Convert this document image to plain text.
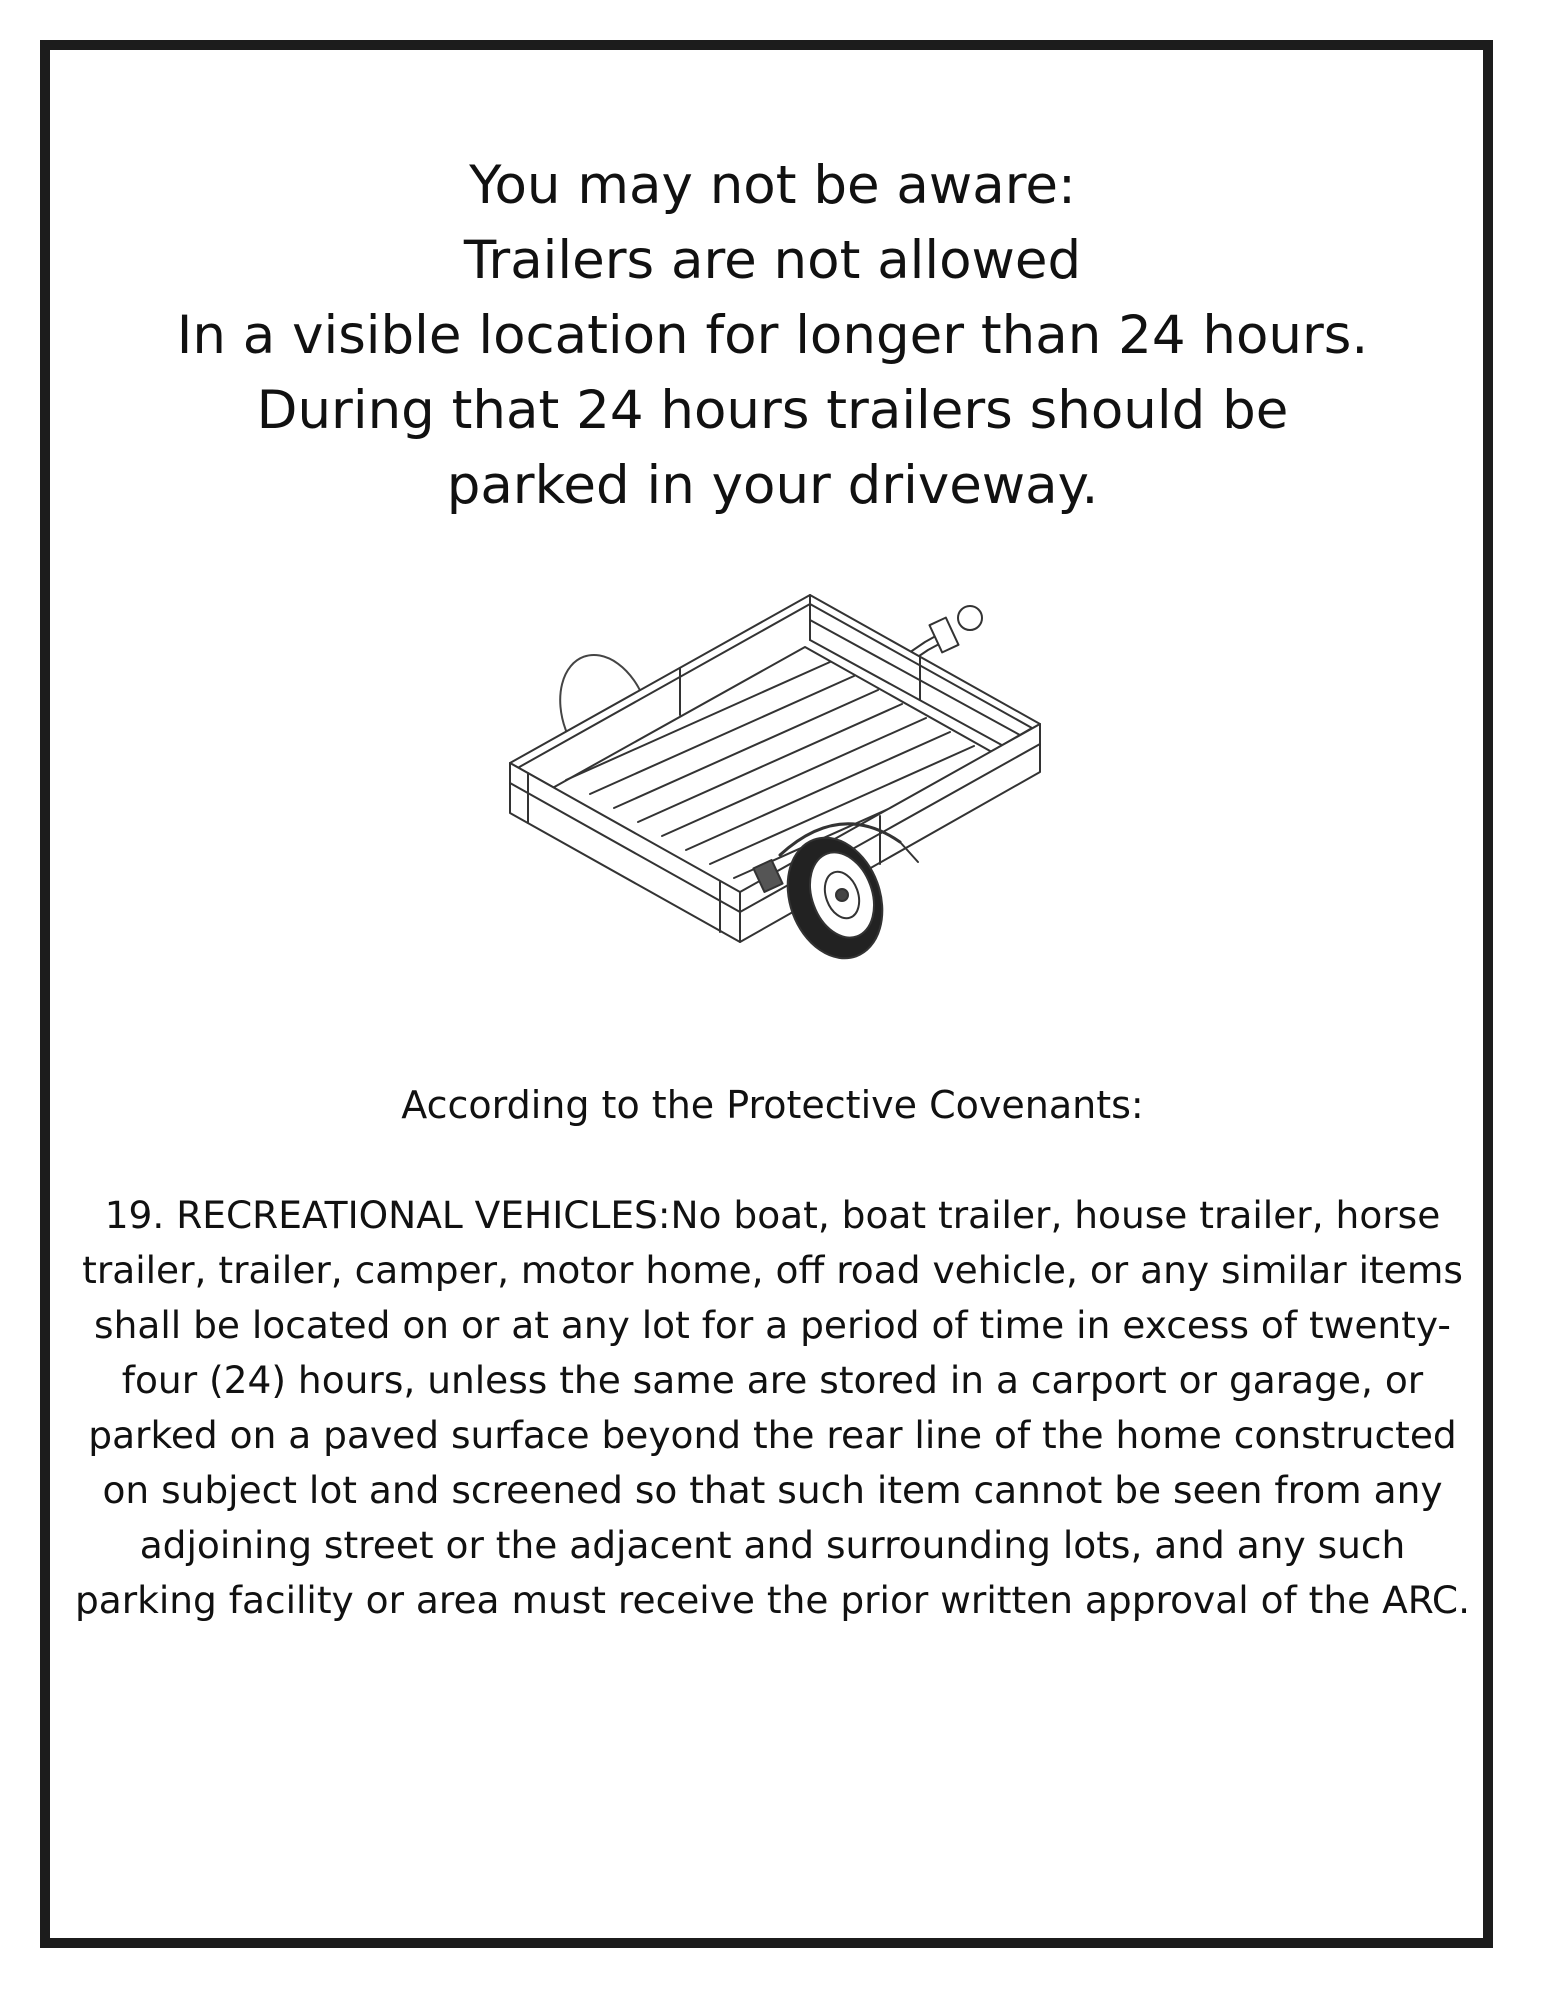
You may not be aware:
Trailers are not allowed
In a visible location for longer than 24 hours.
During that 24 hours trailers should be
parked in your driveway.

According to the Protective Covenants:

19. RECREATIONAL VEHICLES:No boat, boat trailer, house trailer, horse trailer, trailer, camper, motor home, off road vehicle, or any similar items shall be located on or at any lot for a period of time in excess of twenty-four (24) hours, unless the same are stored in a carport or garage, or parked on a paved surface beyond the rear line of the home constructed on subject lot and screened so that such item cannot be seen from any adjoining street or the adjacent and surrounding lots, and any such parking facility or area must receive the prior written approval of the ARC.
